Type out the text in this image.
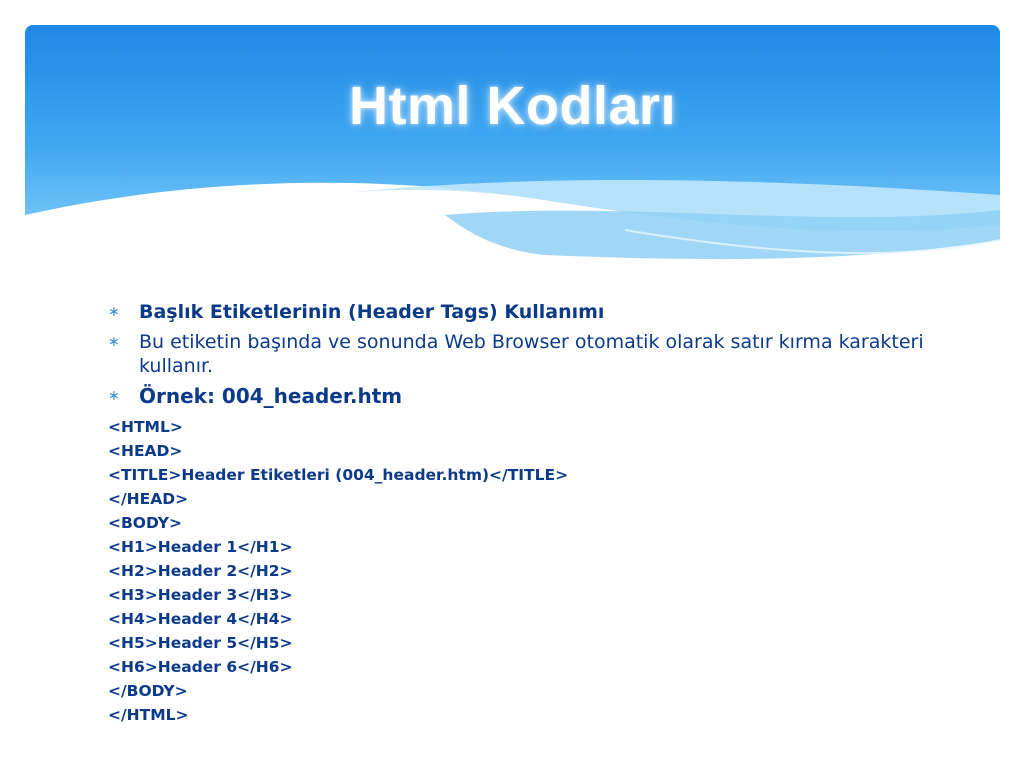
Html Kodları
∗ Başlık Etiketlerinin (Header Tags) Kullanımı
∗ Bu etiketin başında ve sonunda Web Browser otomatik olarak satır kırma karakteri kullanır.
∗ Örnek: 004_header.htm
<HTML>
<HEAD>
<TITLE>Header Etiketleri (004_header.htm)</TITLE>
</HEAD>
<BODY>
<H1>Header 1</H1>
<H2>Header 2</H2>
<H3>Header 3</H3>
<H4>Header 4</H4>
<H5>Header 5</H5>
<H6>Header 6</H6>
</BODY>
</HTML>
